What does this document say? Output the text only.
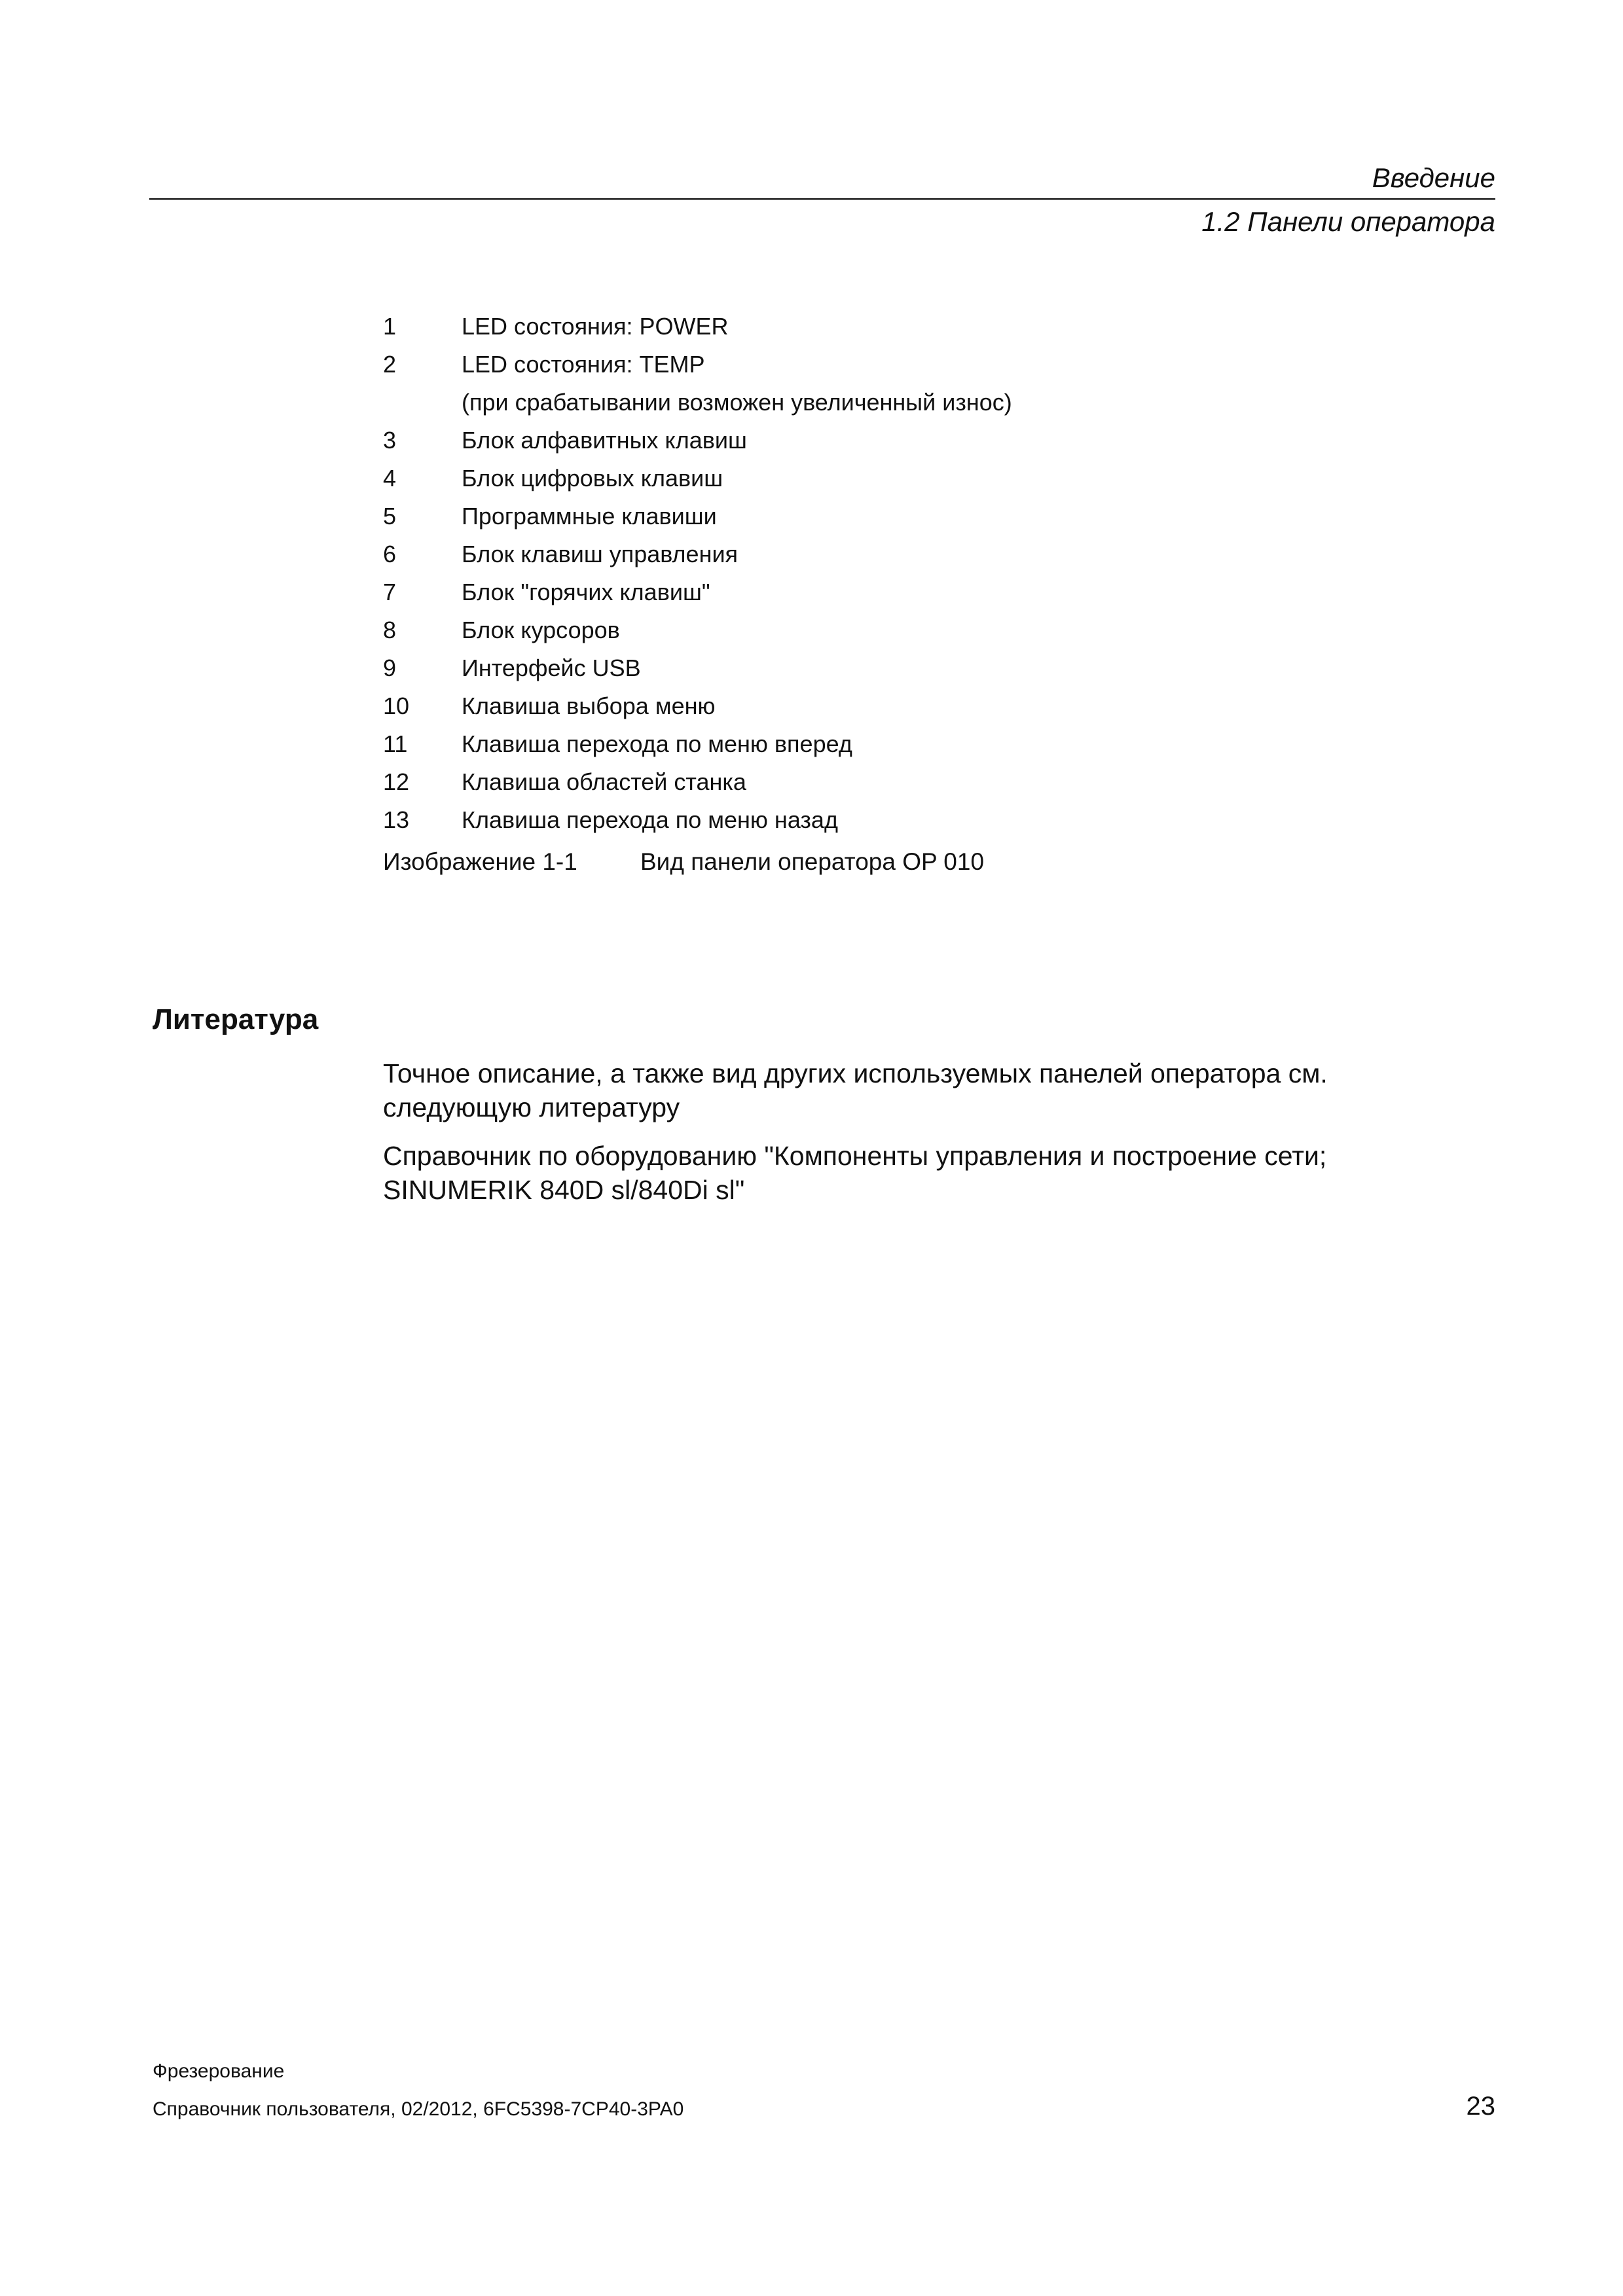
Введение
1.2 Панели оператора
1	LED состояния: POWER
2	LED состояния: TEMP
(при срабатывании возможен увеличенный износ)
3	Блок алфавитных клавиш
4	Блок цифровых клавиш
5	Программные клавиши
6	Блок клавиш управления
7	Блок "горячих клавиш"
8	Блок курсоров
9	Интерфейс USB
10 Клавиша выбора меню
11 Клавиша перехода по меню вперед
12 Клавиша областей станка
13 Клавиша перехода по меню назад
Изображение 1-1	Вид панели оператора OP 010
Литература
Точное описание, а также вид других используемых панелей оператора см. следующую литературу
Справочник по оборудованию "Компоненты управления и построение сети; SINUMERIK 840D sl/840Di sl"
Фрезерование
Справочник пользователя, 02/2012, 6FC5398-7CP40-3PA0	23
